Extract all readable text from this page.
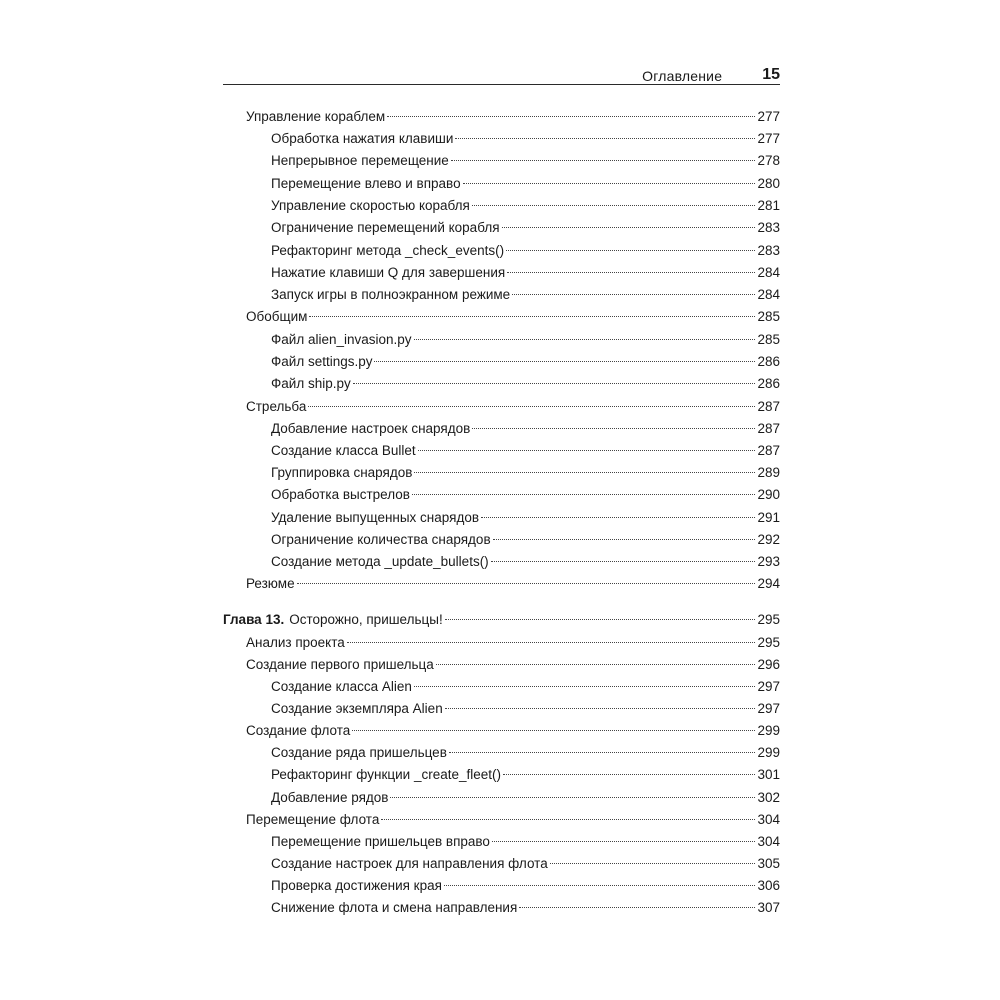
Оглавление	15
Управление кораблем	277
Обработка нажатия клавиши	277
Непрерывное перемещение	278
Перемещение влево и вправо	280
Управление скоростью корабля	281
Ограничение перемещений корабля	283
Рефакторинг метода _check_events()	283
Нажатие клавиши Q для завершения	284
Запуск игры в полноэкранном режиме	284
Обобщим	285
Файл alien_invasion.py	285
Файл settings.py	286
Файл ship.py	286
Стрельба	287
Добавление настроек снарядов	287
Создание класса Bullet	287
Группировка снарядов	289
Обработка выстрелов	290
Удаление выпущенных снарядов	291
Ограничение количества снарядов	292
Создание метода _update_bullets()	293
Резюме	294
Глава 13. Осторожно, пришельцы!	295
Анализ проекта	295
Создание первого пришельца	296
Создание класса Alien	297
Создание экземпляра Alien	297
Создание флота	299
Создание ряда пришельцев	299
Рефакторинг функции _create_fleet()	301
Добавление рядов	302
Перемещение флота	304
Перемещение пришельцев вправо	304
Создание настроек для направления флота	305
Проверка достижения края	306
Снижение флота и смена направления	307
